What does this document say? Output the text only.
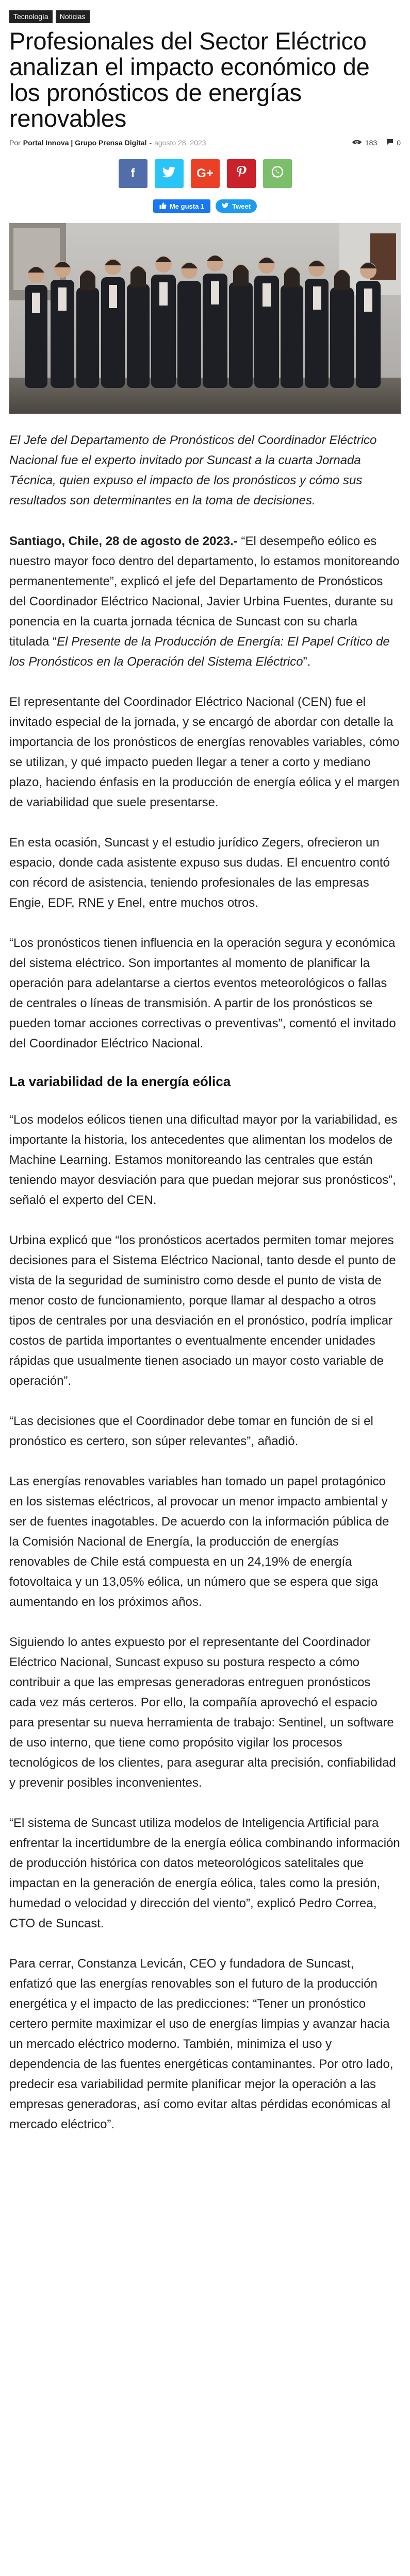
Tecnología	Noticias
Profesionales del Sector Eléctrico analizan el impacto económico de los pronósticos de energías renovables
Por Portal Innova | Grupo Prensa Digital - agosto 28, 2023	183	0
f	G+
Me gusta 1	Tweet

El Jefe del Departamento de Pronósticos del Coordinador Eléctrico Nacional fue el experto invitado por Suncast a la cuarta Jornada Técnica, quien expuso el impacto de los pronósticos y cómo sus resultados son determinantes en la toma de decisiones.

Santiago, Chile, 28 de agosto de 2023.- “El desempeño eólico es nuestro mayor foco dentro del departamento, lo estamos monitoreando permanentemente”, explicó el jefe del Departamento de Pronósticos del Coordinador Eléctrico Nacional, Javier Urbina Fuentes, durante su ponencia en la cuarta jornada técnica de Suncast con su charla titulada “El Presente de la Producción de Energía: El Papel Crítico de los Pronósticos en la Operación del Sistema Eléctrico”.

El representante del Coordinador Eléctrico Nacional (CEN) fue el invitado especial de la jornada, y se encargó de abordar con detalle la importancia de los pronósticos de energías renovables variables, cómo se utilizan, y qué impacto pueden llegar a tener a corto y mediano plazo, haciendo énfasis en la producción de energía eólica y el margen de variabilidad que suele presentarse.

En esta ocasión, Suncast y el estudio jurídico Zegers, ofrecieron un espacio, donde cada asistente expuso sus dudas. El encuentro contó con récord de asistencia, teniendo profesionales de las empresas Engie, EDF, RNE y Enel, entre muchos otros.

“Los pronósticos tienen influencia en la operación segura y económica del sistema eléctrico. Son importantes al momento de planificar la operación para adelantarse a ciertos eventos meteorológicos o fallas de centrales o líneas de transmisión. A partir de los pronósticos se pueden tomar acciones correctivas o preventivas”, comentó el invitado del Coordinador Eléctrico Nacional.

La variabilidad de la energía eólica

“Los modelos eólicos tienen una dificultad mayor por la variabilidad, es importante la historia, los antecedentes que alimentan los modelos de Machine Learning. Estamos monitoreando las centrales que están teniendo mayor desviación para que puedan mejorar sus pronósticos”, señaló el experto del CEN.

Urbina explicó que “los pronósticos acertados permiten tomar mejores decisiones para el Sistema Eléctrico Nacional, tanto desde el punto de vista de la seguridad de suministro como desde el punto de vista de menor costo de funcionamiento, porque llamar al despacho a otros tipos de centrales por una desviación en el pronóstico, podría implicar costos de partida importantes o eventualmente encender unidades rápidas que usualmente tienen asociado un mayor costo variable de operación”.

“Las decisiones que el Coordinador debe tomar en función de si el pronóstico es certero, son súper relevantes”, añadió.

Las energías renovables variables han tomado un papel protagónico en los sistemas eléctricos, al provocar un menor impacto ambiental y ser de fuentes inagotables. De acuerdo con la información pública de la Comisión Nacional de Energía, la producción de energías renovables de Chile está compuesta en un 24,19% de energía fotovoltaica y un 13,05% eólica, un número que se espera que siga aumentando en los próximos años.

Siguiendo lo antes expuesto por el representante del Coordinador Eléctrico Nacional, Suncast expuso su postura respecto a cómo contribuir a que las empresas generadoras entreguen pronósticos cada vez más certeros. Por ello, la compañía aprovechó el espacio para presentar su nueva herramienta de trabajo: Sentinel, un software de uso interno, que tiene como propósito vigilar los procesos tecnológicos de los clientes, para asegurar alta precisión, confiabilidad y prevenir posibles inconvenientes.

“El sistema de Suncast utiliza modelos de Inteligencia Artificial para enfrentar la incertidumbre de la energía eólica combinando información de producción histórica con datos meteorológicos satelitales que impactan en la generación de energía eólica, tales como la presión, humedad o velocidad y dirección del viento”, explicó Pedro Correa, CTO de Suncast.

Para cerrar, Constanza Levicán, CEO y fundadora de Suncast, enfatizó que las energías renovables son el futuro de la producción energética y el impacto de las predicciones: “Tener un pronóstico certero permite maximizar el uso de energías limpias y avanzar hacia un mercado eléctrico moderno. También, minimiza el uso y dependencia de las fuentes energéticas contaminantes. Por otro lado, predecir esa variabilidad permite planificar mejor la operación a las empresas generadoras, así como evitar altas pérdidas económicas al mercado eléctrico”.
